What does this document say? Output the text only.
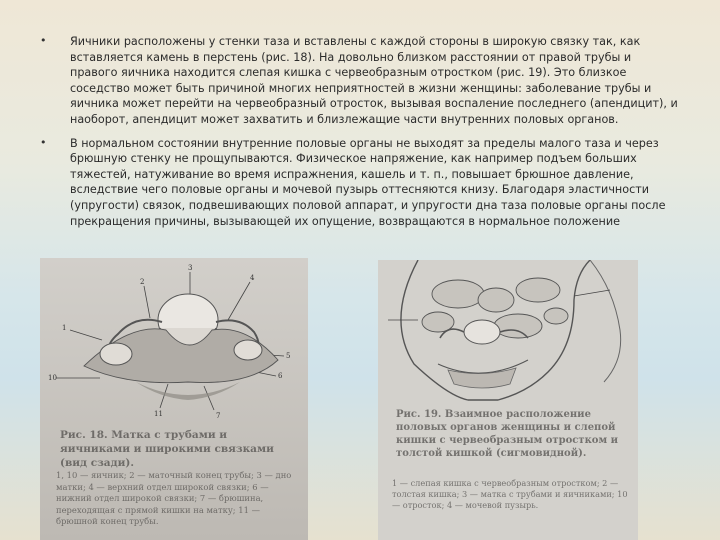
• Яичники расположены у стенки таза и вставлены с каждой стороны в широкую связку так, как вставляется камень в перстень (рис. 18). На довольно близком расстоянии от правой трубы и правого яичника находится слепая кишка с червеобразным отростком (рис. 19). Это близкое соседство может быть причиной многих неприятностей в жизни женщины: заболевание трубы и яичника может перейти на червеобразный отросток, вызывая воспаление последнего (апендицит), и наоборот, апендицит может захватить и близлежащие части внутренних половых органов.
• В нормальном состоянии внутренние половые органы не выходят за пределы малого таза и через брюшную стенку не прощупываются. Физическое напряжение, как например подъем больших тяжестей, натуживание во время испражнения, кашель и т. п., повышает брюшное давление, вследствие чего половые органы и мочевой пузырь оттесняются книзу. Благодаря эластичности (упругости) связок, подвешивающих половой аппарат, и упругости дна таза половые органы после прекращения причины, вызывающей их опущение, возвращаются в нормальное положение
2
3
4
1
10
5
6
7
11
Рис. 18. Матка с трубами и яичниками и широкими связками (вид сзади).
1, 10 — яичник; 2 — маточный конец трубы; 3 — дно матки; 4 — верхний отдел широкой связки; 6 — нижний отдел широкой связки; 7 — брюшина, переходящая с прямой кишки на матку; 11 — брюшной конец трубы.
Рис. 19. Взаимное расположение половых органов женщины и слепой кишки с червеобразным отростком и толстой кишкой (сигмовидной).
1 — слепая кишка с червеобразным отростком; 2 — толстая кишка; 3 — матка с трубами и яичниками; 10 — отросток; 4 — мочевой пузырь.
